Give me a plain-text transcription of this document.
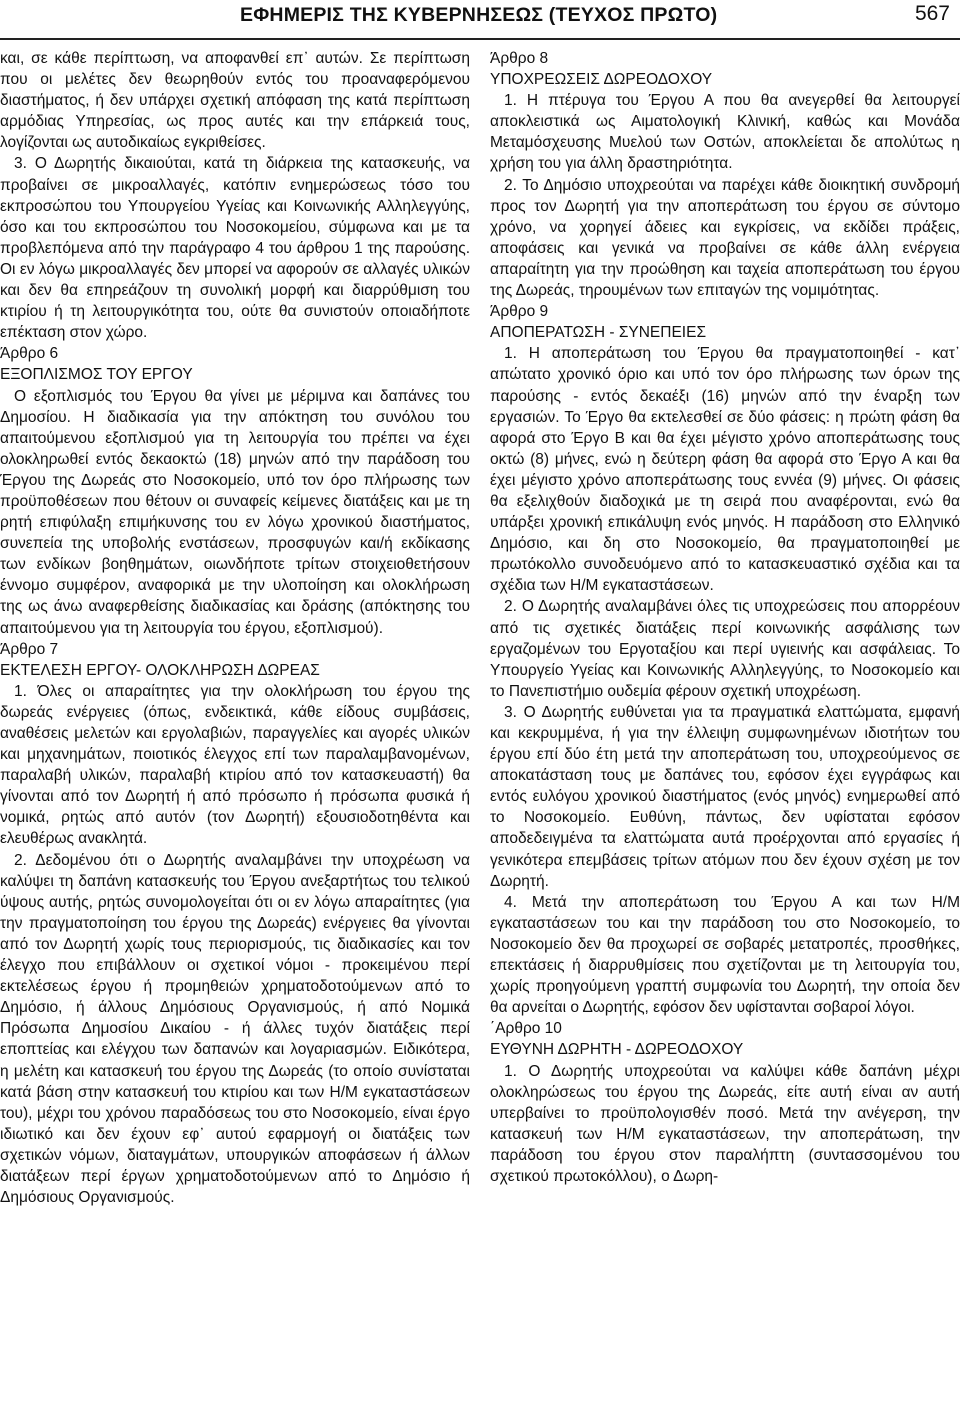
ΕΦΗΜΕΡΙΣ ΤΗΣ ΚΥΒΕΡΝΗΣΕΩΣ (ΤΕΥΧΟΣ ΠΡΩΤΟ)	567

και, σε κάθε περίπτωση, να αποφανθεί επ᾽ αυτών. Σε περίπτωση που οι μελέτες δεν θεωρηθούν εντός του προαναφερόμενου διαστήματος, ή δεν υπάρχει σχετική απόφαση της κατά περίπτωση αρμόδιας Υπηρεσίας, ως προς αυτές και την επάρκειά τους, λογίζονται ως αυτοδικαίως εγκριθείσες.

3. Ο Δωρητής δικαιούται, κατά τη διάρκεια της κατασκευής, να προβαίνει σε μικροαλλαγές, κατόπιν ενημερώσεως τόσο του εκπροσώπου του Υπουργείου Υγείας και Κοινωνικής Αλληλεγγύης, όσο και του εκπροσώπου του Νοσοκομείου, σύμφωνα και με τα προβλεπόμενα από την παράγραφο 4 του άρθρου 1 της παρούσης. Οι εν λόγω μικροαλλαγές δεν μπορεί να αφορούν σε αλλαγές υλικών και δεν θα επηρεάζουν τη συνολική μορφή και διαρρύθμιση του κτιρίου ή τη λειτουργικότητα του, ούτε θα συνιστούν οποιαδήποτε επέκταση στον χώρο.

Άρθρο 6

ΕΞΟΠΛΙΣΜΟΣ ΤΟΥ ΕΡΓΟΥ

Ο εξοπλισμός του Έργου θα γίνει με μέριμνα και δαπάνες του Δημοσίου. Η διαδικασία για την απόκτηση του συνόλου του απαιτούμενου εξοπλισμού για τη λειτουργία του πρέπει να έχει ολοκληρωθεί εντός δεκαοκτώ (18) μηνών από την παράδοση του Έργου της Δωρεάς στο Νοσοκομείο, υπό τον όρο πλήρωσης των προϋποθέσεων που θέτουν οι συναφείς κείμενες διατάξεις και με τη ρητή επιφύλαξη επιμήκυνσης του εν λόγω χρονικού διαστήματος, συνεπεία της υποβολής ενστάσεων, προσφυγών και/ή εκδίκασης των ενδίκων βοηθημάτων, οιωνδήποτε τρίτων στοιχειοθετήσουν έννομο συμφέρον, αναφορικά με την υλοποίηση και ολοκλήρωση της ως άνω αναφερθείσης διαδικασίας και δράσης (απόκτησης του απαιτούμενου για τη λειτουργία του έργου, εξοπλισμού).

Άρθρο 7

ΕΚΤΕΛΕΣΗ ΕΡΓΟΥ- ΟΛΟΚΛΗΡΩΣΗ ΔΩΡΕΑΣ

1. Όλες οι απαραίτητες για την ολοκλήρωση του έργου της δωρεάς ενέργειες (όπως, ενδεικτικά, κάθε είδους συμβάσεις, αναθέσεις μελετών και εργολαβιών, παραγγελίες και αγορές υλικών και μηχανημάτων, ποιοτικός έλεγχος επί των παραλαμβανομένων, παραλαβή υλικών, παραλαβή κτιρίου από τον κατασκευαστή) θα γίνονται από τον Δωρητή ή από πρόσωπο ή πρόσωπα φυσικά ή νομικά, ρητώς από αυτόν (τον Δωρητή) εξουσιοδοτηθέντα και ελευθέρως ανακλητά.

2. Δεδομένου ότι ο Δωρητής αναλαμβάνει την υποχρέωση να καλύψει τη δαπάνη κατασκευής του Έργου ανεξαρτήτως του τελικού ύψους αυτής, ρητώς συνομολογείται ότι οι εν λόγω απαραίτητες (για την πραγματοποίηση του έργου της Δωρεάς) ενέργειες θα γίνονται από τον Δωρητή χωρίς τους περιορισμούς, τις διαδικασίες και τον έλεγχο που επιβάλλουν οι σχετικοί νόμοι - προκειμένου περί εκτελέσεως έργου ή προμηθειών χρηματοδοτούμενων από το Δημόσιο, ή άλλους Δημόσιους Οργανισμούς, ή από Νομικά Πρόσωπα Δημοσίου Δικαίου - ή άλλες τυχόν διατάξεις περί εποπτείας και ελέγχου των δαπανών και λογαριασμών. Ειδικότερα, η μελέτη και κατασκευή του έργου της Δωρεάς (το οποίο συνίσταται κατά βάση στην κατασκευή του κτιρίου και των Η/Μ εγκαταστάσεων του), μέχρι του χρόνου παραδόσεως του στο Νοσοκομείο, είναι έργο ιδιωτικό και δεν έχουν εφ᾽ αυτού εφαρμογή οι διατάξεις των σχετικών νόμων, διαταγμάτων, υπουργικών αποφάσεων ή άλλων διατάξεων περί έργων χρηματοδοτούμενων από το Δημόσιο ή Δημόσιους Οργανισμούς.

Άρθρο 8

ΥΠΟΧΡΕΩΣΕΙΣ ΔΩΡΕΟΔΟΧΟΥ

1. Η πτέρυγα του Έργου Α που θα ανεγερθεί θα λειτουργεί αποκλειστικά ως Αιματολογική Κλινική, καθώς και Μονάδα Μεταμόσχευσης Μυελού των Οστών, αποκλείεται δε απολύτως η χρήση του για άλλη δραστηριότητα.

2. Το Δημόσιο υποχρεούται να παρέχει κάθε διοικητική συνδρομή προς τον Δωρητή για την αποπεράτωση του έργου σε σύντομο χρόνο, να χορηγεί άδειες και εγκρίσεις, να εκδίδει πράξεις, αποφάσεις και γενικά να προβαίνει σε κάθε άλλη ενέργεια απαραίτητη για την προώθηση και ταχεία αποπεράτωση του έργου της Δωρεάς, τηρουμένων των επιταγών της νομιμότητας.

Άρθρο 9

ΑΠΟΠΕΡΑΤΩΣΗ - ΣΥΝΕΠΕΙΕΣ

1. Η αποπεράτωση του Έργου θα πραγματοποιηθεί - κατ᾽ απώτατο χρονικό όριο και υπό τον όρο πλήρωσης των όρων της παρούσης - εντός δεκαέξι (16) μηνών από την έναρξη των εργασιών. Το Έργο θα εκτελεσθεί σε δύο φάσεις: η πρώτη φάση θα αφορά στο Έργο Β και θα έχει μέγιστο χρόνο αποπεράτωσης τους οκτώ (8) μήνες, ενώ η δεύτερη φάση θα αφορά στο Έργο Α και θα έχει μέγιστο χρόνο αποπεράτωσης τους εννέα (9) μήνες. Οι φάσεις θα εξελιχθούν διαδοχικά με τη σειρά που αναφέρονται, ενώ θα υπάρξει χρονική επικάλυψη ενός μηνός. Η παράδοση στο Ελληνικό Δημόσιο, και δη στο Νοσοκομείο, θα πραγματοποιηθεί με πρωτόκολλο συνοδευόμενο από το κατασκευαστικό σχέδια και τα σχέδια των Η/Μ εγκαταστάσεων.

2. Ο Δωρητής αναλαμβάνει όλες τις υποχρεώσεις που απορρέουν από τις σχετικές διατάξεις περί κοινωνικής ασφάλισης των εργαζομένων του Εργοταξίου και περί υγιεινής και ασφάλειας. Το Υπουργείο Υγείας και Κοινωνικής Αλληλεγγύης, το Νοσοκομείο και το Πανεπιστήμιο ουδεμία φέρουν σχετική υποχρέωση.

3. Ο Δωρητής ευθύνεται για τα πραγματικά ελαττώματα, εμφανή και κεκρυμμένα, ή για την έλλειψη συμφωνημένων ιδιοτήτων του έργου επί δύο έτη μετά την αποπεράτωση του, υποχρεούμενος σε αποκατάσταση τους με δαπάνες του, εφόσον έχει εγγράφως και εντός ευλόγου χρονικού διαστήματος (ενός μηνός) ενημερωθεί από το Νοσοκομείο. Ευθύνη, πάντως, δεν υφίσταται εφόσον αποδεδειγμένα τα ελαττώματα αυτά προέρχονται από εργασίες ή γενικότερα επεμβάσεις τρίτων ατόμων που δεν έχουν σχέση με τον Δωρητή.

4. Μετά την αποπεράτωση του Έργου Α και των Η/Μ εγκαταστάσεων του και την παράδοση του στο Νοσοκομείο, το Νοσοκομείο δεν θα προχωρεί σε σοβαρές μετατροπές, προσθήκες, επεκτάσεις ή διαρρυθμίσεις που σχετίζονται με τη λειτουργία του, χωρίς προηγούμενη γραπτή συμφωνία του Δωρητή, την οποία δεν θα αρνείται ο Δωρητής, εφόσον δεν υφίστανται σοβαροί λόγοι.

΄Αρθρο 10

ΕΥΘΥΝΗ ΔΩΡΗΤΗ - ΔΩΡΕΟΔΟΧΟΥ

1. Ο Δωρητής υποχρεούται να καλύψει κάθε δαπάνη μέχρι ολοκληρώσεως του έργου της Δωρεάς, είτε αυτή είναι αν αυτή υπερβαίνει το προϋπολογισθέν ποσό. Μετά την ανέγερση, την κατασκευή των Η/Μ εγκαταστάσεων, την αποπεράτωση, την παράδοση του έργου στον παραλήπτη (συντασσομένου του σχετικού πρωτοκόλλου), ο Δωρη-
